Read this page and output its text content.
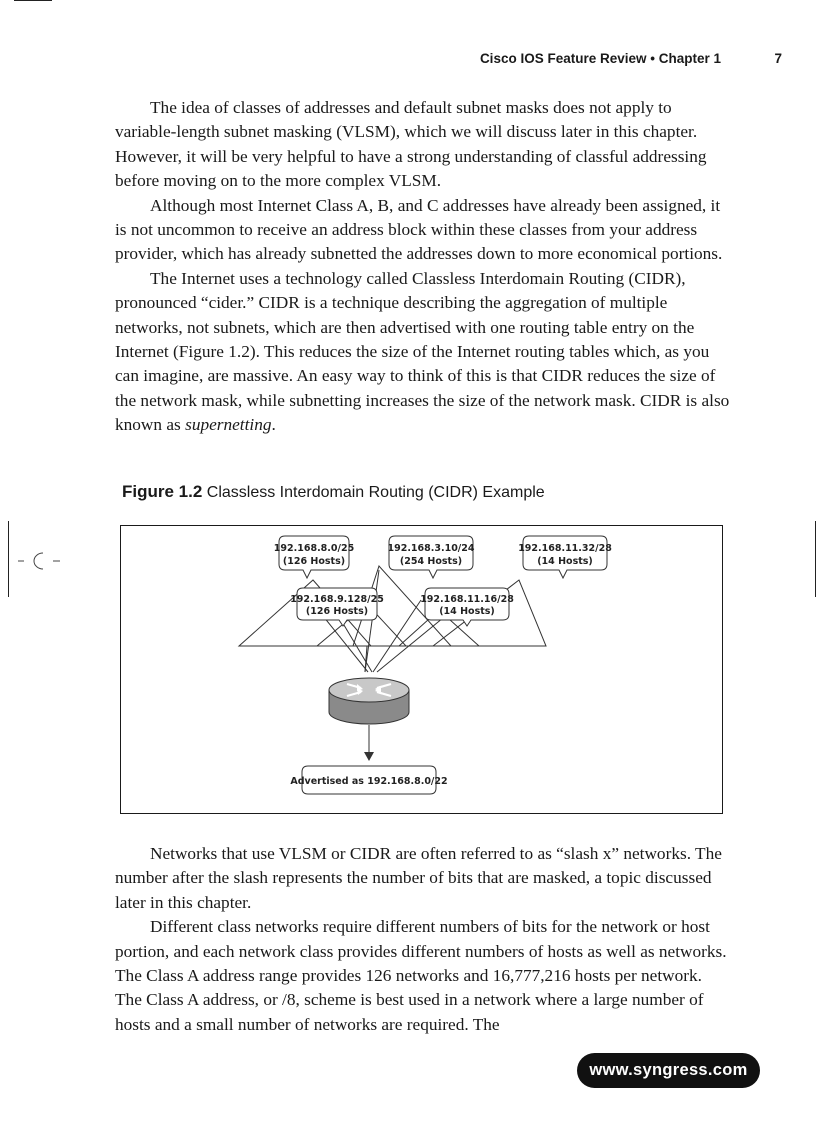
Cisco IOS Feature Review • Chapter 1	7

The idea of classes of addresses and default subnet masks does not apply to variable-length subnet masking (VLSM), which we will discuss later in this chapter. However, it will be very helpful to have a strong understanding of classful addressing before moving on to the more complex VLSM.

Although most Internet Class A, B, and C addresses have already been assigned, it is not uncommon to receive an address block within these classes from your address provider, which has already subnetted the addresses down to more economical portions.

The Internet uses a technology called Classless Interdomain Routing (CIDR), pronounced “cider.” CIDR is a technique describing the aggregation of multiple networks, not subnets, which are then advertised with one routing table entry on the Internet (Figure 1.2). This reduces the size of the Internet routing tables which, as you can imagine, are massive. An easy way to think of this is that CIDR reduces the size of the network mask, while subnetting increases the size of the network mask. CIDR is also known as supernetting.

Figure 1.2 Classless Interdomain Routing (CIDR) Example
192.168.8.0/25
(126 Hosts)
192.168.3.10/24
(254 Hosts)
192.168.11.32/28
(14 Hosts)
192.168.9.128/25
(126 Hosts)
192.168.11.16/28
(14 Hosts)
Advertised as 192.168.8.0/22

Networks that use VLSM or CIDR are often referred to as “slash x” networks. The number after the slash represents the number of bits that are masked, a topic discussed later in this chapter.

Different class networks require different numbers of bits for the network or host portion, and each network class provides different numbers of hosts as well as networks. The Class A address range provides 126 networks and 16,777,216 hosts per network. The Class A address, or /8, scheme is best used in a network where a large number of hosts and a small number of networks are required. The

www.syngress.com
